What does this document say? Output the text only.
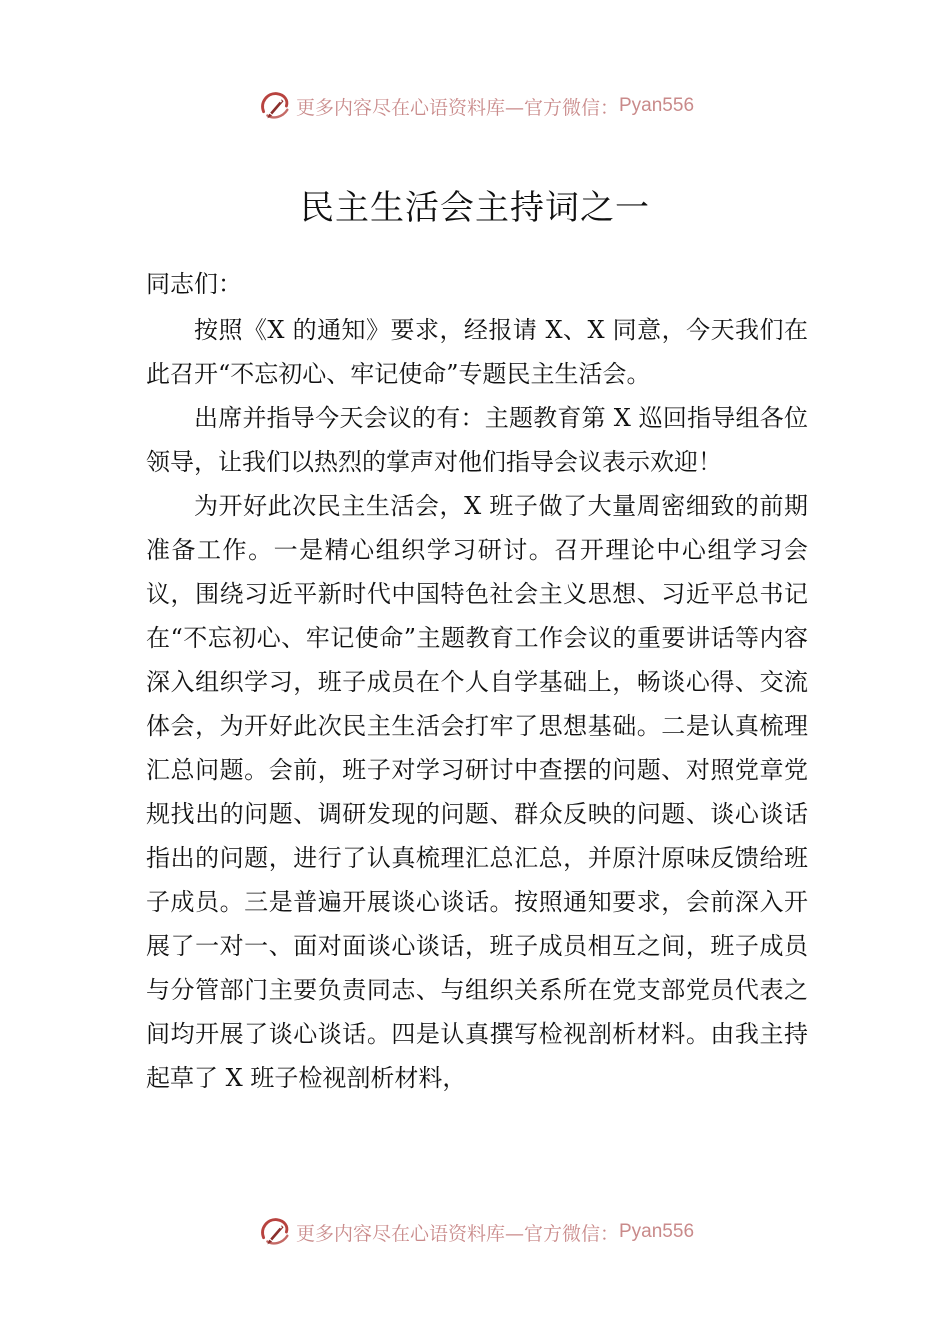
更多内容尽在心语资料库—官方微信： Pyan556
民主生活会主持词之一

同志们：

按照《X 的通知》要求，经报请 X、X 同意，今天我们在此召开“不忘初心、牢记使命”专题民主生活会。

出席并指导今天会议的有：主题教育第 X 巡回指导组各位领导，让我们以热烈的掌声对他们指导会议表示欢迎！

为开好此次民主生活会，X 班子做了大量周密细致的前期准备工作。一是精心组织学习研讨。召开理论中心组学习会议，围绕习近平新时代中国特色社会主义思想、习近平总书记在“不忘初心、牢记使命”主题教育工作会议的重要讲话等内容深入组织学习，班子成员在个人自学基础上，畅谈心得、交流体会，为开好此次民主生活会打牢了思想基础。二是认真梳理汇总问题。会前，班子对学习研讨中查摆的问题、对照党章党规找出的问题、调研发现的问题、群众反映的问题、谈心谈话指出的问题，进行了认真梳理汇总汇总，并原汁原味反馈给班子成员。三是普遍开展谈心谈话。按照通知要求，会前深入开展了一对一、面对面谈心谈话，班子成员相互之间，班子成员与分管部门主要负责同志、与组织关系所在党支部党员代表之间均开展了谈心谈话。四是认真撰写检视剖析材料。由我主持起草了 X 班子检视剖析材料，

更多内容尽在心语资料库—官方微信： Pyan556
